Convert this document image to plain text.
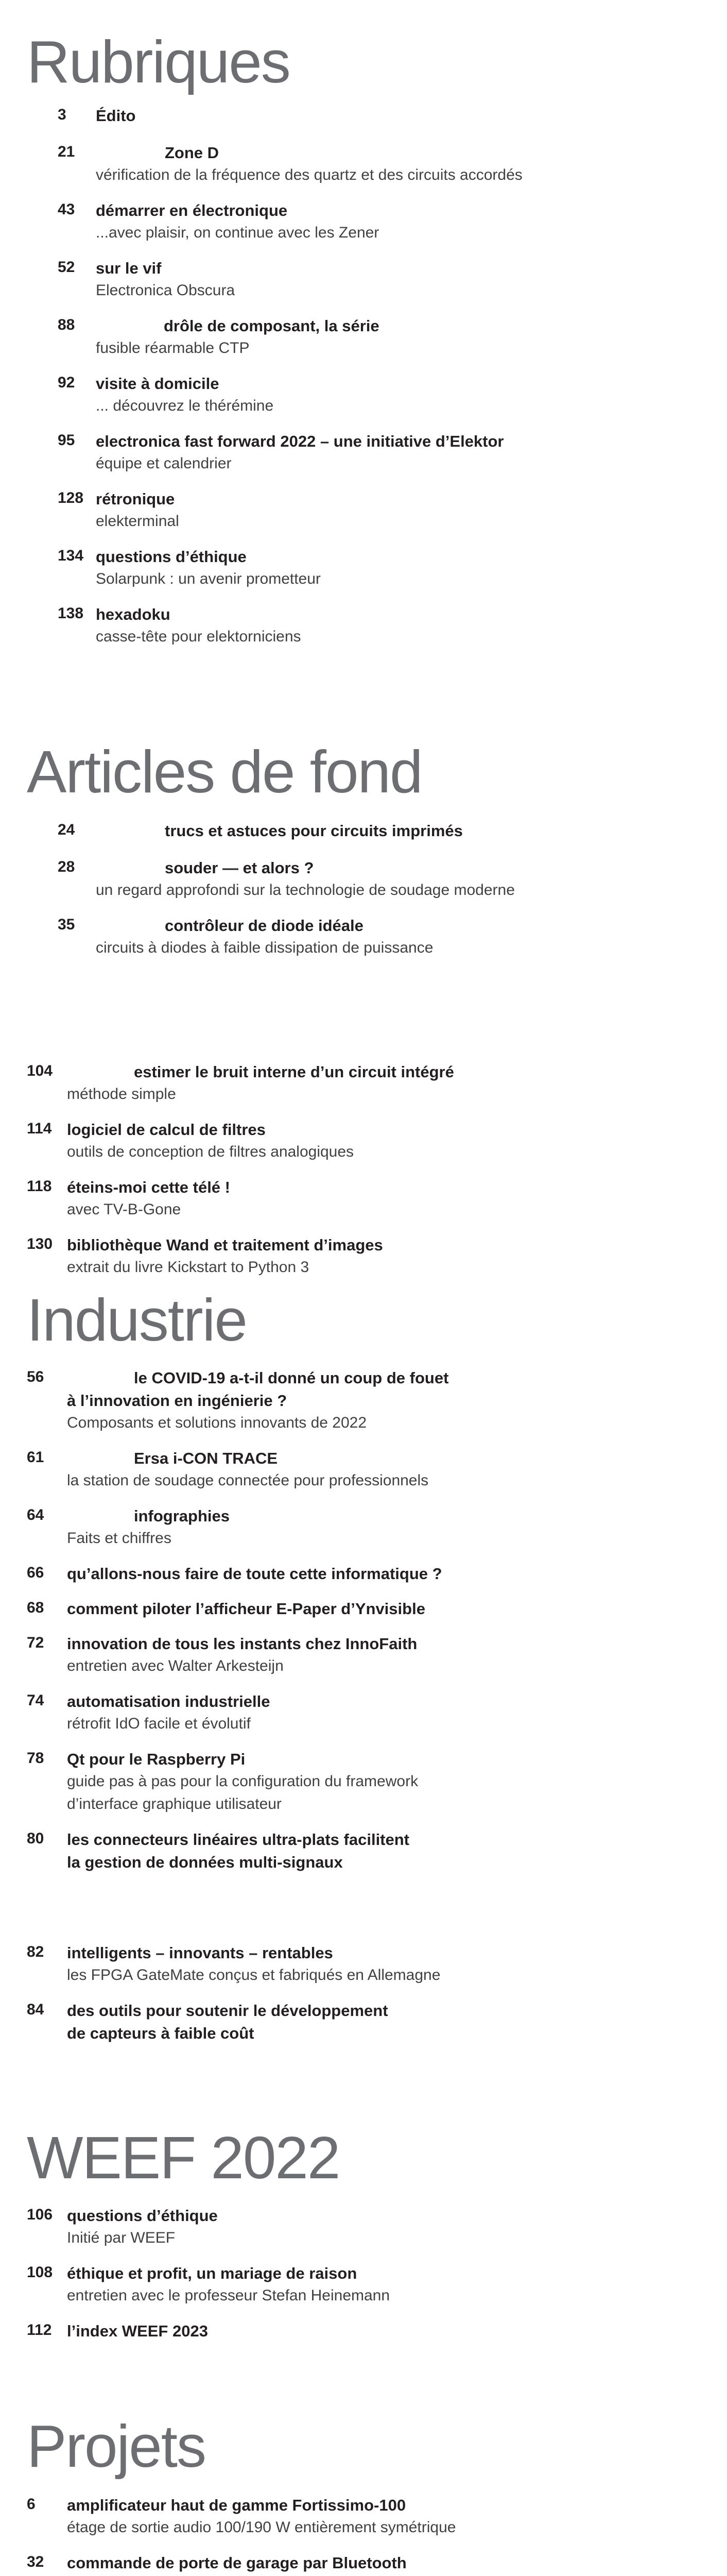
Rubriques
3	Édito
21	Zone D
vérification de la fréquence des quartz et des circuits accordés
43	démarrer en électronique
...avec plaisir, on continue avec les Zener
52	sur le vif
Electronica Obscura
88	drôle de composant, la série
fusible réarmable CTP
92	visite à domicile
... découvrez le thérémine
95	electronica fast forward 2022 – une initiative d’Elektor
équipe et calendrier
128 rétronique
elekterminal
134 questions d’éthique
Solarpunk : un avenir prometteur
138 hexadoku
casse-tête pour elektorniciens
Articles de fond
24	trucs et astuces pour circuits imprimés
28	souder — et alors ?
un regard approfondi sur la technologie de soudage moderne
35	contrôleur de diode idéale
circuits à diodes à faible dissipation de puissance
104	estimer le bruit interne d’un circuit intégré
méthode simple
114 logiciel de calcul de filtres
outils de conception de filtres analogiques
118 éteins-moi cette télé !
avec TV-B-Gone
130 bibliothèque Wand et traitement d’images
extrait du livre Kickstart to Python 3
Industrie
56	le COVID-19 a-t-il donné un coup de fouet
à l’innovation en ingénierie ?
Composants et solutions innovants de 2022
61	Ersa i-CON TRACE
la station de soudage connectée pour professionnels
64	infographies
Faits et chiffres
66	qu’allons-nous faire de toute cette informatique ?
68	comment piloter l’afficheur E-Paper d’Ynvisible
72	innovation de tous les instants chez InnoFaith
entretien avec Walter Arkesteijn
74	automatisation industrielle
rétrofit IdO facile et évolutif
78	Qt pour le Raspberry Pi
guide pas à pas pour la configuration du framework
d’interface graphique utilisateur
80	les connecteurs linéaires ultra-plats facilitent
la gestion de données multi-signaux
82	intelligents – innovants – rentables
les FPGA GateMate conçus et fabriqués en Allemagne
84	des outils pour soutenir le développement
de capteurs à faible coût
WEEF 2022
106 questions d’éthique
Initié par WEEF
108 éthique et profit, un mariage de raison
entretien avec le professeur Stefan Heinemann
112 l’index WEEF 2023
Projets
6	amplificateur haut de gamme Fortissimo-100
étage de sortie audio 100/190 W entièrement symétrique
32	commande de porte de garage par Bluetooth
